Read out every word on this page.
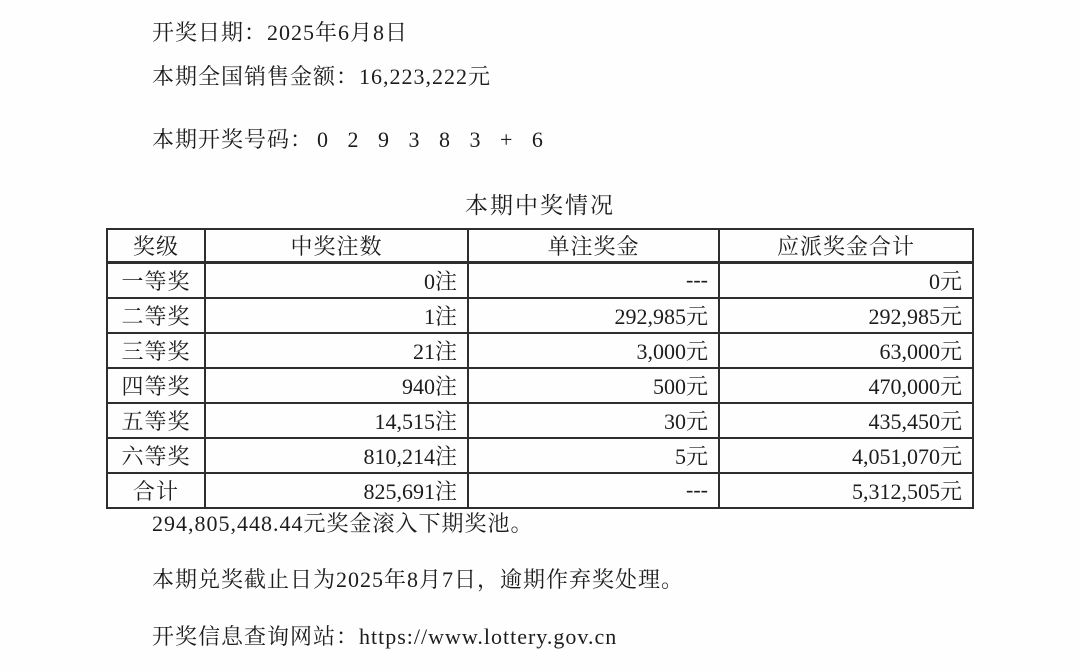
开奖日期：2025年6月8日

本期全国销售金额：16,223,222元

本期开奖号码： 0 2 9 3 8 3 + 6

本期中奖情况
奖级	中奖注数	单注奖金	应派奖金合计
一等奖	0注	---	0元
二等奖	1注	292,985元	292,985元
三等奖	21注	3,000元	63,000元
四等奖	940注	500元	470,000元
五等奖	14,515注	30元	435,450元
六等奖	810,214注	5元	4,051,070元
合计	825,691注	---	5,312,505元

294,805,448.44元奖金滚入下期奖池。

本期兑奖截止日为2025年8月7日，逾期作弃奖处理。

开奖信息查询网站：https://www.lottery.gov.cn
